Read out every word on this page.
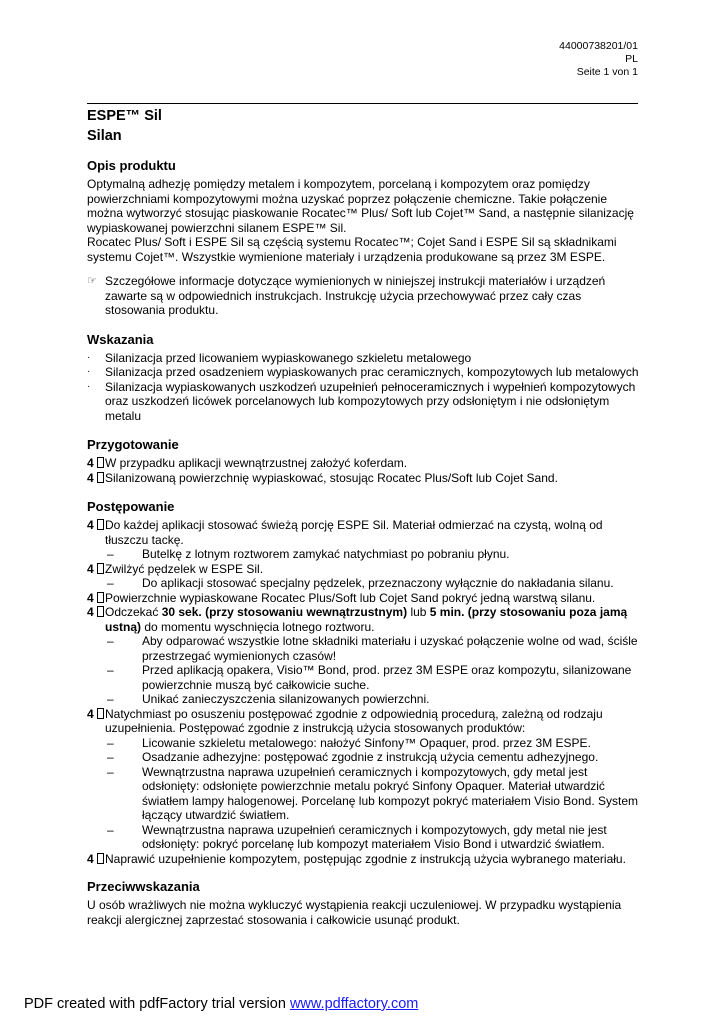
44000738201/01
PL
Seite 1 von 1
ESPE™ Sil
Silan
Opis produktu

Optymalną adhezję pomiędzy metalem i kompozytem, porcelaną i kompozytem oraz pomiędzy powierzchniami kompozytowymi można uzyskać poprzez połączenie chemiczne. Takie połączenie można wytworzyć stosując piaskowanie Rocatec™ Plus/ Soft lub Cojet™ Sand, a następnie silanizację wypiaskowanej powierzchni silanem ESPE™ Sil.

Rocatec Plus/ Soft i ESPE Sil są częścią systemu Rocatec™; Cojet Sand i ESPE Sil są składnikami systemu Cojet™. Wszystkie wymienione materiały i urządzenia produkowane są przez 3M ESPE.

☞ Szczegółowe informacje dotyczące wymienionych w niniejszej instrukcji materiałów i urządzeń zawarte są w odpowiednich instrukcjach. Instrukcję użycia przechowywać przez cały czas stosowania produktu.
Wskazania
·	Silanizacja przed licowaniem wypiaskowanego szkieletu metalowego
·	Silanizacja przed osadzeniem wypiaskowanych prac ceramicznych, kompozytowych lub metalowych
·	Silanizacja wypiaskowanych uszkodzeń uzupełnień pełnoceramicznych i wypełnień kompozytowych oraz uszkodzeń licówek porcelanowych lub kompozytowych przy odsłoniętym i nie odsłoniętym metalu
Przygotowanie
4 W przypadku aplikacji wewnątrzustnej założyć koferdam.
4 Silanizowaną powierzchnię wypiaskować, stosując Rocatec Plus/Soft lub Cojet Sand.
Postępowanie
4 Do każdej aplikacji stosować świeżą porcję ESPE Sil. Materiał odmierzać na czystą, wolną od tłuszczu tackę.
–	Butelkę z lotnym roztworem zamykać natychmiast po pobraniu płynu.
4 Zwilżyć pędzelek w ESPE Sil.
–	Do aplikacji stosować specjalny pędzelek, przeznaczony wyłącznie do nakładania silanu.
4 Powierzchnie wypiaskowane Rocatec Plus/Soft lub Cojet Sand pokryć jedną warstwą silanu.
4 Odczekać 30 sek. (przy stosowaniu wewnątrzustnym) lub 5 min. (przy stosowaniu poza jamą ustną) do momentu wyschnięcia lotnego roztworu.
–	Aby odparować wszystkie lotne składniki materiału i uzyskać połączenie wolne od wad, ściśle przestrzegać wymienionych czasów!
–	Przed aplikacją opakera, Visio™ Bond, prod. przez 3M ESPE oraz kompozytu, silanizowane powierzchnie muszą być całkowicie suche.
–	Unikać zanieczyszczenia silanizowanych powierzchni.
4 Natychmiast po osuszeniu postępować zgodnie z odpowiednią procedurą, zależną od rodzaju uzupełnienia. Postępować zgodnie z instrukcją użycia stosowanych produktów:
–	Licowanie szkieletu metalowego: nałożyć Sinfony™ Opaquer, prod. przez 3M ESPE.
–	Osadzanie adhezyjne: postępować zgodnie z instrukcją użycia cementu adhezyjnego.
–	Wewnątrzustna naprawa uzupełnień ceramicznych i kompozytowych, gdy metal jest odsłonięty: odsłonięte powierzchnie metalu pokryć Sinfony Opaquer. Materiał utwardzić światłem lampy halogenowej. Porcelanę lub kompozyt pokryć materiałem Visio Bond. System łączący utwardzić światłem.
–	Wewnątrzustna naprawa uzupełnień ceramicznych i kompozytowych, gdy metal nie jest odsłonięty: pokryć porcelanę lub kompozyt materiałem Visio Bond i utwardzić światłem.
4 Naprawić uzupełnienie kompozytem, postępując zgodnie z instrukcją użycia wybranego materiału.
Przeciwwskazania

U osób wrażliwych nie można wykluczyć wystąpienia reakcji uczuleniowej. W przypadku wystąpienia reakcji alergicznej zaprzestać stosowania i całkowicie usunąć produkt.

PDF created with pdfFactory trial version www.pdffactory.com
